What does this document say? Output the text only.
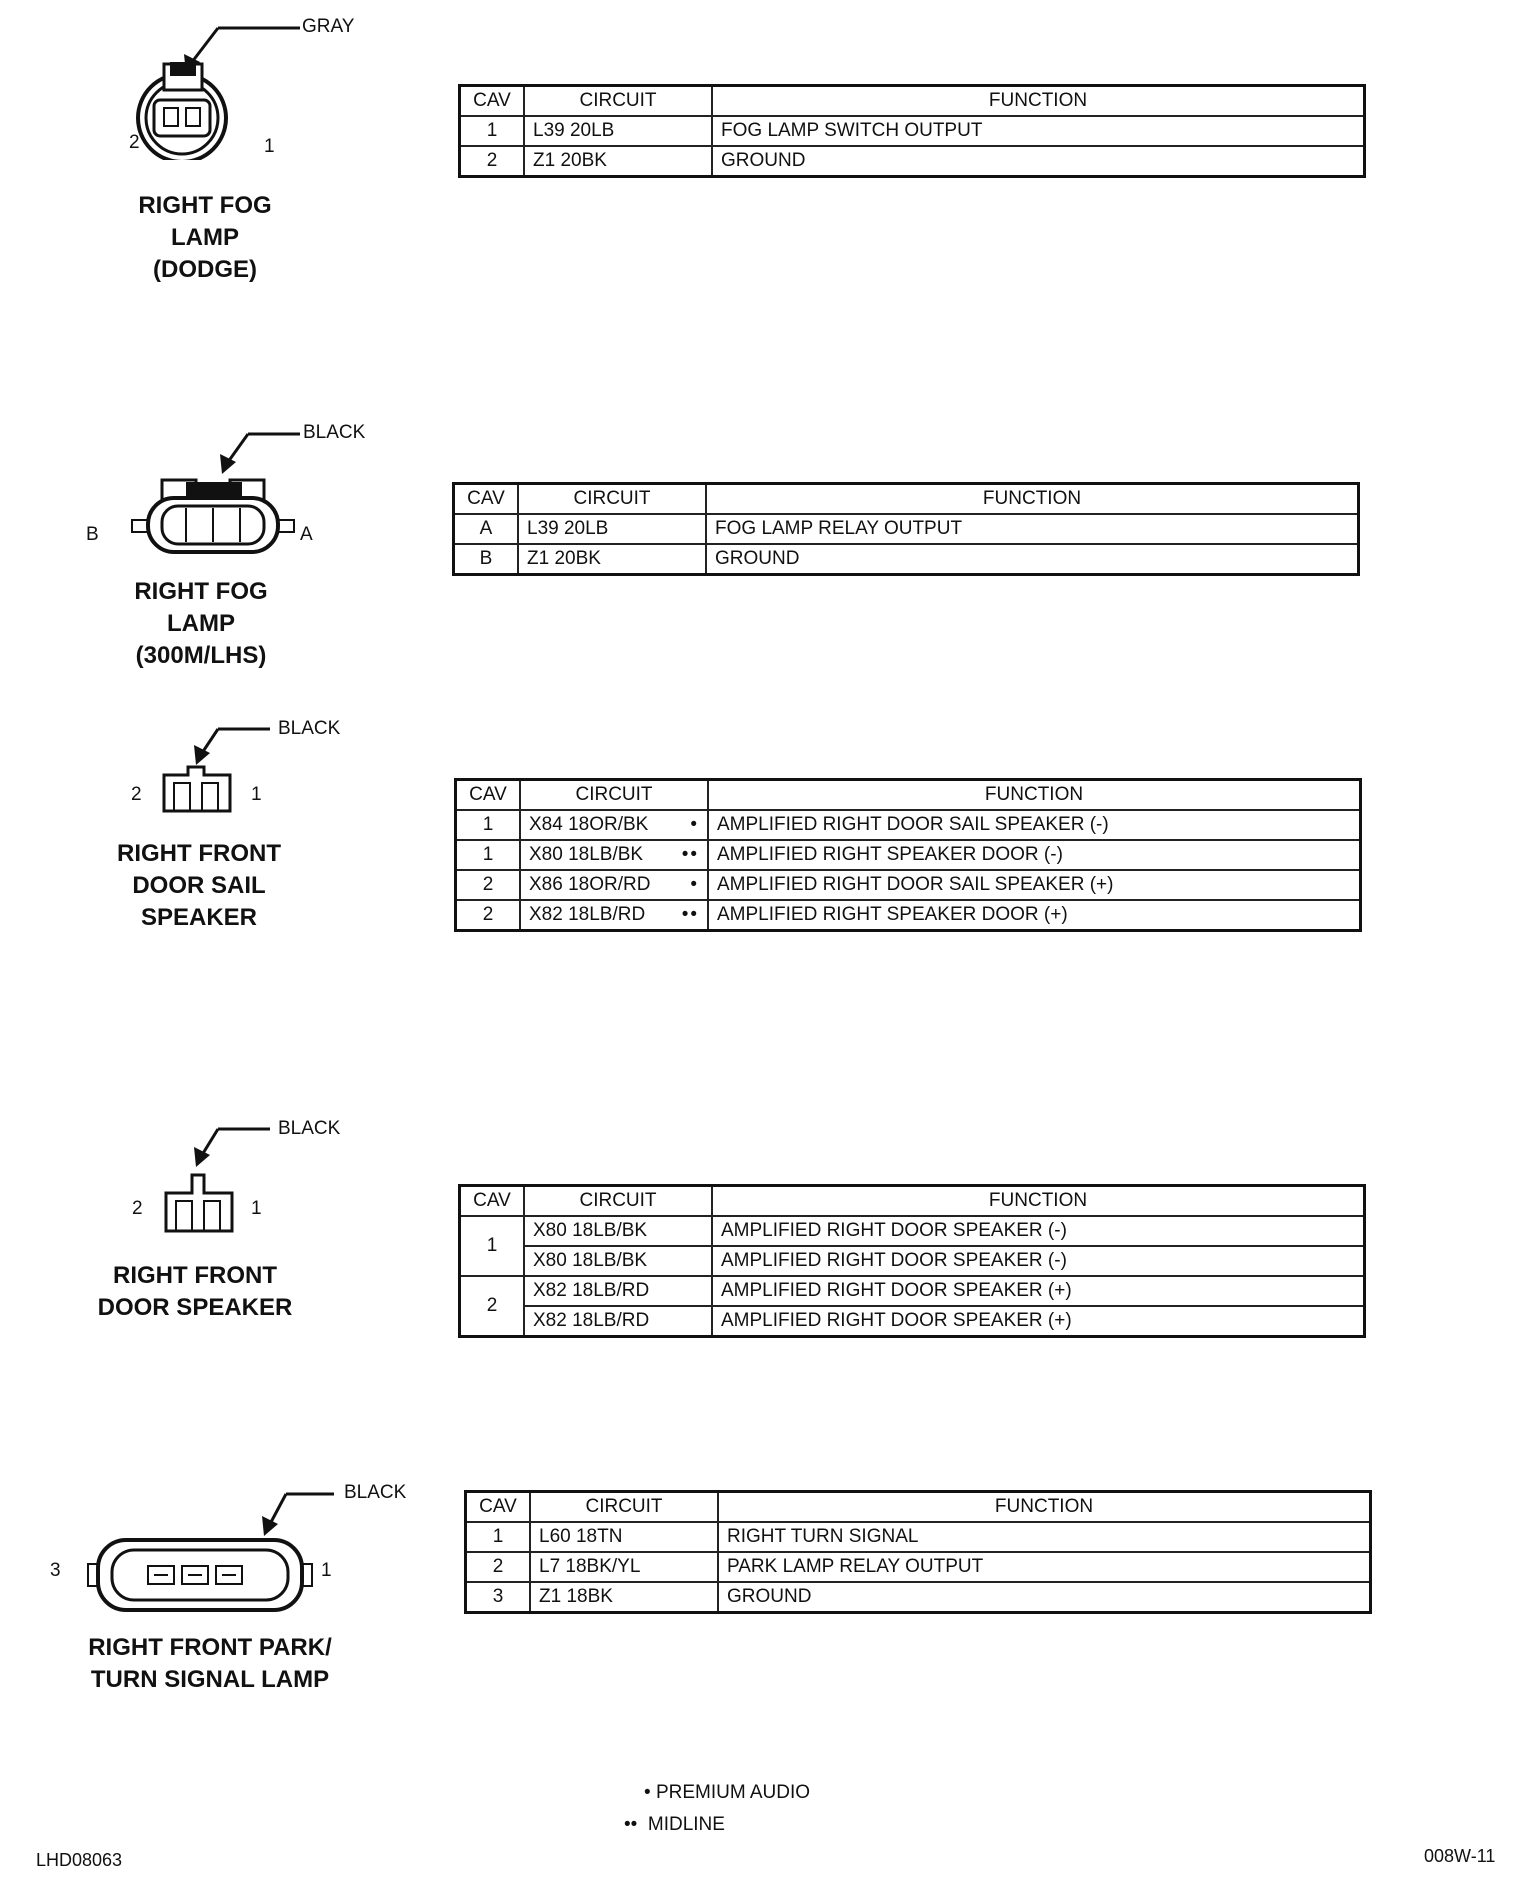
GRAY
2	1
RIGHT FOG
LAMP
(DODGE)
CAV	CIRCUIT	FUNCTION
1	L39 20LB	FOG LAMP SWITCH OUTPUT
2	Z1 20BK	GROUND
BLACK
B	A
RIGHT FOG
LAMP
(300M/LHS)
CAV	CIRCUIT	FUNCTION
A	L39 20LB	FOG LAMP RELAY OUTPUT
B	Z1 20BK	GROUND
BLACK
2	1
RIGHT FRONT
DOOR SAIL
SPEAKER
CAV	CIRCUIT	FUNCTION
1	X84 18OR/BK •	AMPLIFIED RIGHT DOOR SAIL SPEAKER (-)
1	X80 18LB/BK ••	AMPLIFIED RIGHT SPEAKER DOOR (-)
2	X86 18OR/RD •	AMPLIFIED RIGHT DOOR SAIL SPEAKER (+)
2	X82 18LB/RD ••	AMPLIFIED RIGHT SPEAKER DOOR (+)
BLACK
2	1
RIGHT FRONT
DOOR SPEAKER
CAV	CIRCUIT	FUNCTION
1	X80 18LB/BK	AMPLIFIED RIGHT DOOR SPEAKER (-)
	X80 18LB/BK	AMPLIFIED RIGHT DOOR SPEAKER (-)
2	X82 18LB/RD	AMPLIFIED RIGHT DOOR SPEAKER (+)
	X82 18LB/RD	AMPLIFIED RIGHT DOOR SPEAKER (+)
BLACK
3	1
RIGHT FRONT PARK/
TURN SIGNAL LAMP
CAV	CIRCUIT	FUNCTION
1	L60 18TN	RIGHT TURN SIGNAL
2	L7 18BK/YL	PARK LAMP RELAY OUTPUT
3	Z1 18BK	GROUND
• PREMIUM AUDIO
•• MIDLINE
LHD08063	008W-11
